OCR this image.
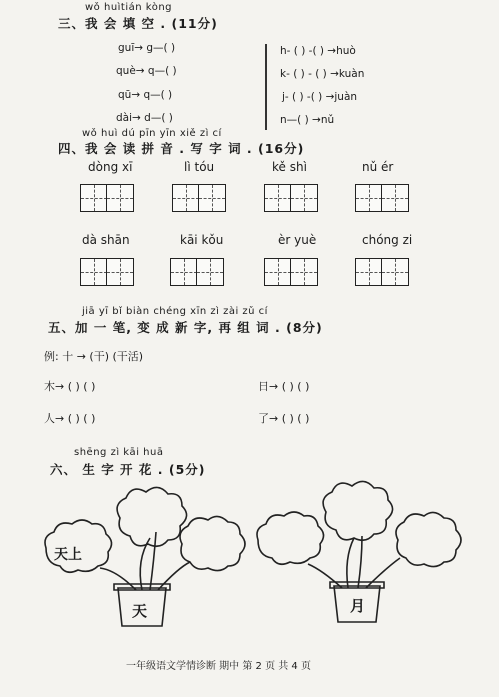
wǒ huìtián kòng
三、我 会 填 空 . (11分)
guī→ g—( )
què→ q—( )
qū→ q—( )
dài→ d—( )
h- ( ) -( ) →huò
k- ( ) - ( ) →kuàn
j- ( ) -( ) →juàn
n—( ) →nǔ
wǒ huì dú pīn yīn xiě zì cí
四、我 会 读 拼 音 . 写 字 词 . (16分)
dòng xī	lì tóu	kě shì	nǔ ér
dà shān	kāi kǒu	èr yuè	chóng zi
jiā yī bǐ biàn chéng xīn zì zài zǔ cí
五、加 一 笔, 变 成 新 字, 再 组 词 . (8分)
例: 十 → (干) (干活)
木→ ( ) ( )	日→ ( ) ( )
人→ ( ) ( )	了→ ( ) ( )
shēng zì kāi huā
六、 生 字 开 花 . (5分)
天上
天	月
一年级语文学情诊断 期中 第 2 页 共 4 页
